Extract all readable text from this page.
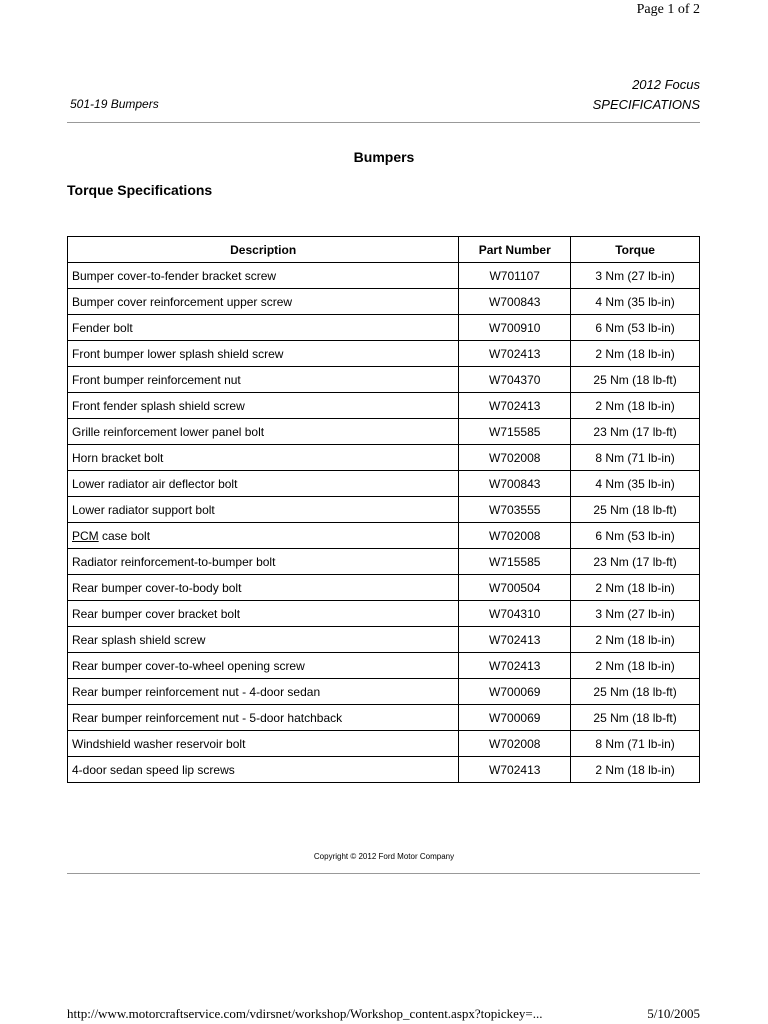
Page 1 of 2
2012 Focus
SPECIFICATIONS
501-19 Bumpers
Bumpers
Torque Specifications
Description	Part Number	Torque
Bumper cover-to-fender bracket screw	W701107	3 Nm (27 lb-in)
Bumper cover reinforcement upper screw	W700843	4 Nm (35 lb-in)
Fender bolt	W700910	6 Nm (53 lb-in)
Front bumper lower splash shield screw	W702413	2 Nm (18 lb-in)
Front bumper reinforcement nut	W704370	25 Nm (18 lb-ft)
Front fender splash shield screw	W702413	2 Nm (18 lb-in)
Grille reinforcement lower panel bolt	W715585	23 Nm (17 lb-ft)
Horn bracket bolt	W702008	8 Nm (71 lb-in)
Lower radiator air deflector bolt	W700843	4 Nm (35 lb-in)
Lower radiator support bolt	W703555	25 Nm (18 lb-ft)
PCM case bolt	W702008	6 Nm (53 lb-in)
Radiator reinforcement-to-bumper bolt	W715585	23 Nm (17 lb-ft)
Rear bumper cover-to-body bolt	W700504	2 Nm (18 lb-in)
Rear bumper cover bracket bolt	W704310	3 Nm (27 lb-in)
Rear splash shield screw	W702413	2 Nm (18 lb-in)
Rear bumper cover-to-wheel opening screw	W702413	2 Nm (18 lb-in)
Rear bumper reinforcement nut - 4-door sedan	W700069	25 Nm (18 lb-ft)
Rear bumper reinforcement nut - 5-door hatchback	W700069	25 Nm (18 lb-ft)
Windshield washer reservoir bolt	W702008	8 Nm (71 lb-in)
4-door sedan speed lip screws	W702413	2 Nm (18 lb-in)
Copyright © 2012 Ford Motor Company
http://www.motorcraftservice.com/vdirsnet/workshop/Workshop_content.aspx?topickey=...	5/10/2005
